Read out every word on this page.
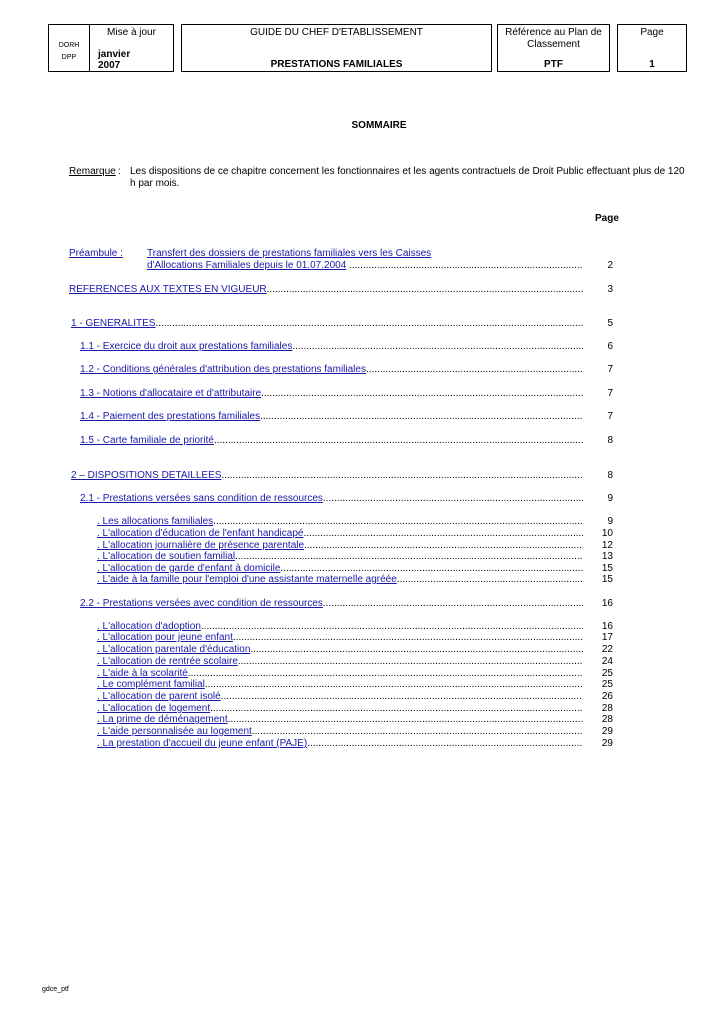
DORH
DPP
Mise à jour
janvier
2007
GUIDE DU CHEF D'ETABLISSEMENT
PRESTATIONS FAMILIALES
Référence au Plan de Classement
PTF
Page
1
SOMMAIRE
Remarque : Les dispositions de ce chapitre concernent les fonctionnaires et les agents contractuels de Droit Public effectuant plus de 120 h par mois.
Page
Préambule : Transfert des dossiers de prestations familiales vers les Caisses
d'Allocations Familiales depuis le 01.07.2004 .....	2
REFERENCES AUX TEXTES EN VIGUEUR .....	3
1 - GENERALITES .....	5
1.1 - Exercice du droit aux prestations familiales .....	6
1.2 - Conditions générales d'attribution des prestations familiales .....	7
1.3 - Notions d'allocataire et d'attributaire .....	7
1.4 - Paiement des prestations familiales .....	7
1.5 - Carte familiale de priorité .....	8
2 – DISPOSITIONS DETAILLEES .....	8
2.1 - Prestations versées sans condition de ressources .....	9
. Les allocations familiales .....	9
. L'allocation d'éducation de l'enfant handicapé .....	10
. L'allocation journalière de présence parentale .....	12
. L'allocation de soutien familial .....	13
. L'allocation de garde d'enfant à domicile .....	15
. L'aide à la famille pour l'emploi d'une assistante maternelle agréée .....	15
2.2 - Prestations versées avec condition de ressources .....	16
. L'allocation d'adoption .....	16
. L'allocation pour jeune enfant .....	17
. L'allocation parentale d'éducation .....	22
. L'allocation de rentrée scolaire .....	24
. L'aide à la scolarité .....	25
. Le complément familial .....	25
. L'allocation de parent isolé .....	26
. L'allocation de logement .....	28
. La prime de déménagement .....	28
. L'aide personnalisée au logement .....	29
. La prestation d'accueil du jeune enfant (PAJE) .....	29
gdce_ptf
